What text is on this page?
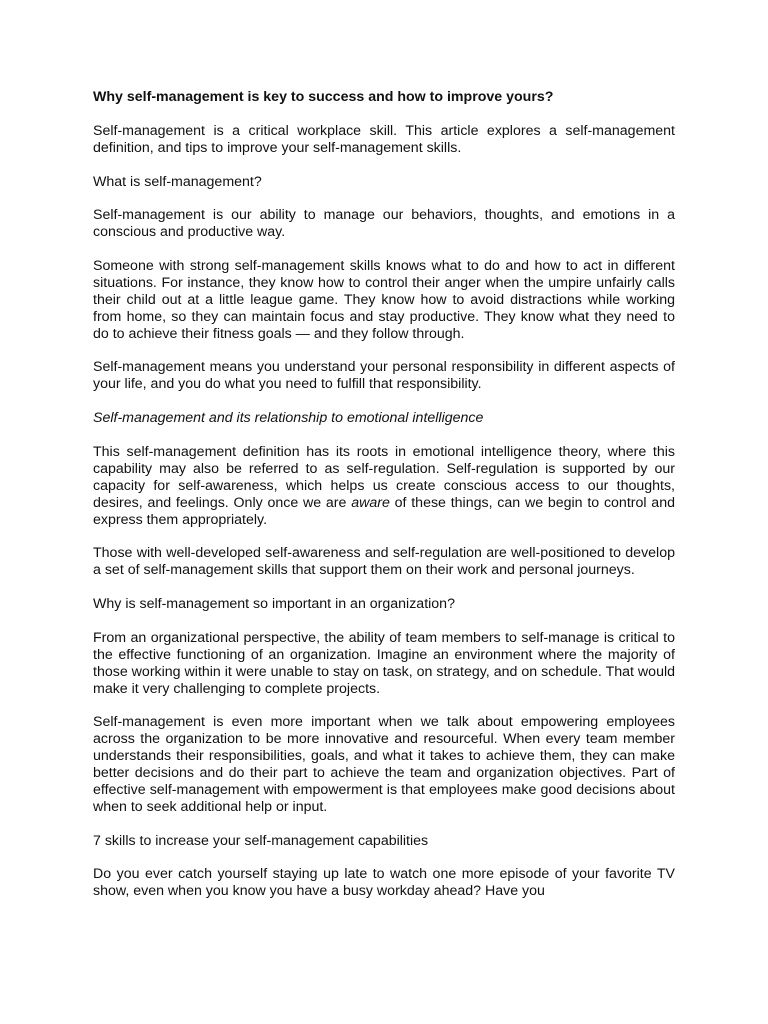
Why self-management is key to success and how to improve yours?

Self-management is a critical workplace skill. This article explores a self-management definition, and tips to improve your self-management skills.

What is self-management?

Self-management is our ability to manage our behaviors, thoughts, and emotions in a conscious and productive way.

Someone with strong self-management skills knows what to do and how to act in different situations. For instance, they know how to control their anger when the umpire unfairly calls their child out at a little league game. They know how to avoid distractions while working from home, so they can maintain focus and stay productive. They know what they need to do to achieve their fitness goals — and they follow through.

Self-management means you understand your personal responsibility in different aspects of your life, and you do what you need to fulfill that responsibility.

Self-management and its relationship to emotional intelligence

This self-management definition has its roots in emotional intelligence theory, where this capability may also be referred to as self-regulation. Self-regulation is supported by our capacity for self-awareness, which helps us create conscious access to our thoughts, desires, and feelings. Only once we are aware of these things, can we begin to control and express them appropriately.

Those with well-developed self-awareness and self-regulation are well-positioned to develop a set of self-management skills that support them on their work and personal journeys.

Why is self-management so important in an organization?

From an organizational perspective, the ability of team members to self-manage is critical to the effective functioning of an organization. Imagine an environment where the majority of those working within it were unable to stay on task, on strategy, and on schedule. That would make it very challenging to complete projects.

Self-management is even more important when we talk about empowering employees across the organization to be more innovative and resourceful. When every team member understands their responsibilities, goals, and what it takes to achieve them, they can make better decisions and do their part to achieve the team and organization objectives. Part of effective self-management with empowerment is that employees make good decisions about when to seek additional help or input.

7 skills to increase your self-management capabilities

Do you ever catch yourself staying up late to watch one more episode of your favorite TV show, even when you know you have a busy workday ahead? Have you
